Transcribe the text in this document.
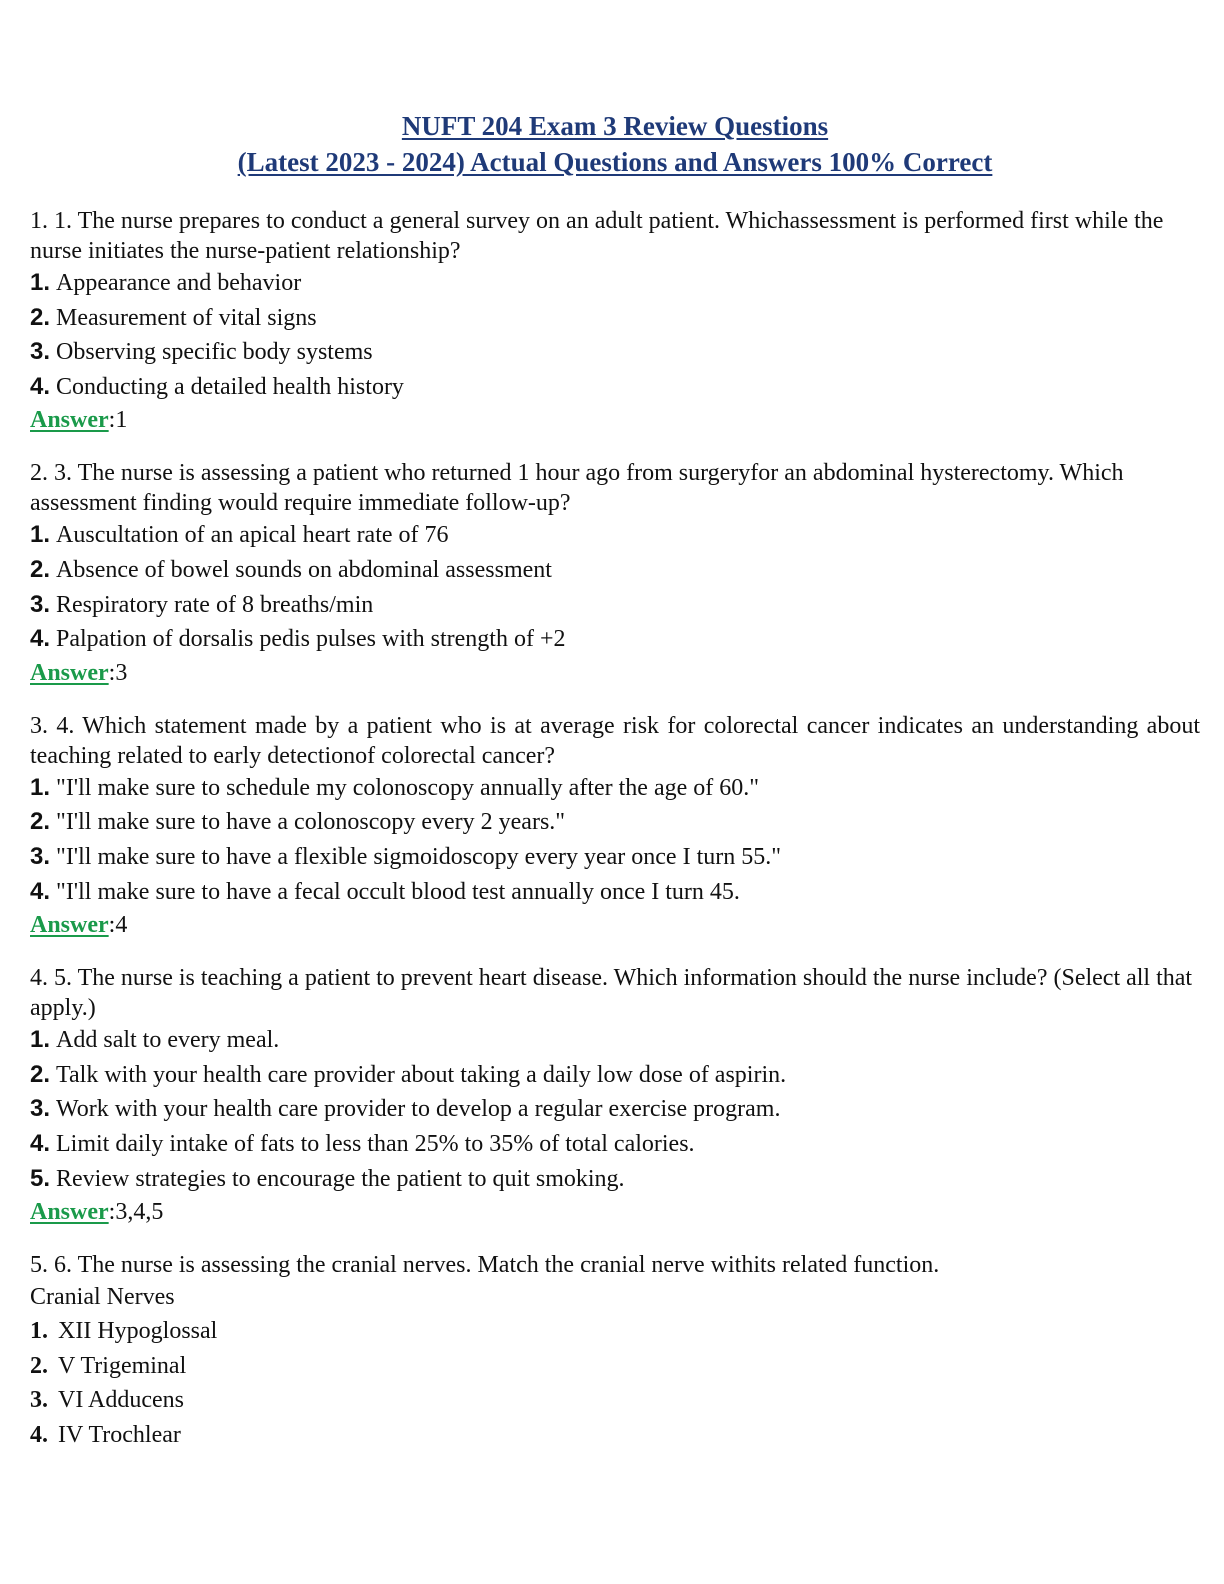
NUFT 204 Exam 3 Review Questions
(Latest 2023 - 2024) Actual Questions and Answers 100% Correct

1. 1. The nurse prepares to conduct a general survey on an adult patient. Whichassessment is performed first while the nurse initiates the nurse-patient relationship?

1. Appearance and behavior
2. Measurement of vital signs
3. Observing specific body systems
4. Conducting a detailed health history

Answer:1

2. 3. The nurse is assessing a patient who returned 1 hour ago from surgeryfor an abdominal hysterectomy. Which assessment finding would require immediate follow-up?

1. Auscultation of an apical heart rate of 76
2. Absence of bowel sounds on abdominal assessment
3. Respiratory rate of 8 breaths/min
4. Palpation of dorsalis pedis pulses with strength of +2

Answer:3

3. 4. Which statement made by a patient who is at average risk for colorectal cancer indicates an understanding about teaching related to early detectionof colorectal cancer?

1. "I'll make sure to schedule my colonoscopy annually after the age of 60."
2. "I'll make sure to have a colonoscopy every 2 years."
3. "I'll make sure to have a flexible sigmoidoscopy every year once I turn 55."
4. "I'll make sure to have a fecal occult blood test annually once I turn 45.

Answer:4

4. 5. The nurse is teaching a patient to prevent heart disease. Which information should the nurse include? (Select all that apply.)

1. Add salt to every meal.
2. Talk with your health care provider about taking a daily low dose of aspirin.
3. Work with your health care provider to develop a regular exercise program.
4. Limit daily intake of fats to less than 25% to 35% of total calories.
5. Review strategies to encourage the patient to quit smoking.

Answer:3,4,5

5. 6. The nurse is assessing the cranial nerves. Match the cranial nerve withits related function.

Cranial Nerves

1. XII Hypoglossal
2. V Trigeminal
3. VI Adducens
4. IV Trochlear
